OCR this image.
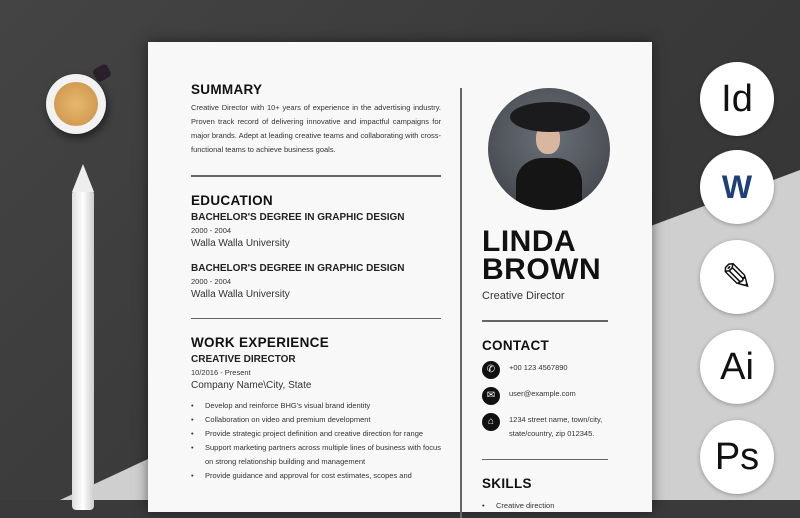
SUMMARY
Creative Director with 10+ years of experience in the advertising industry. Proven track record of delivering innovative and impactful campaigns for major brands. Adept at leading creative teams and collaborating with cross-functional teams to achieve business goals.
EDUCATION
BACHELOR'S DEGREE IN GRAPHIC DESIGN
2000 - 2004
Walla Walla University
BACHELOR'S DEGREE IN GRAPHIC DESIGN
2000 - 2004
Walla Walla University
WORK EXPERIENCE
CREATIVE DIRECTOR
10/2016 - Present
Company Name\City, State
• Develop and reinforce BHG's visual brand identity
• Collaboration on video and premium development
• Provide strategic project definition and creative direction for range
• Support marketing partners across multiple lines of business with focus on strong relationship building and management
• Provide guidance and approval for cost estimates, scopes and
LINDA
BROWN
Creative Director
CONTACT
✆	+00 123 4567890
✉	user@example.com
⌂	1234 street name, town/city, state/country, zip 012345.
SKILLS
• Creative direction
Id
W
✎
Ai
Ps
